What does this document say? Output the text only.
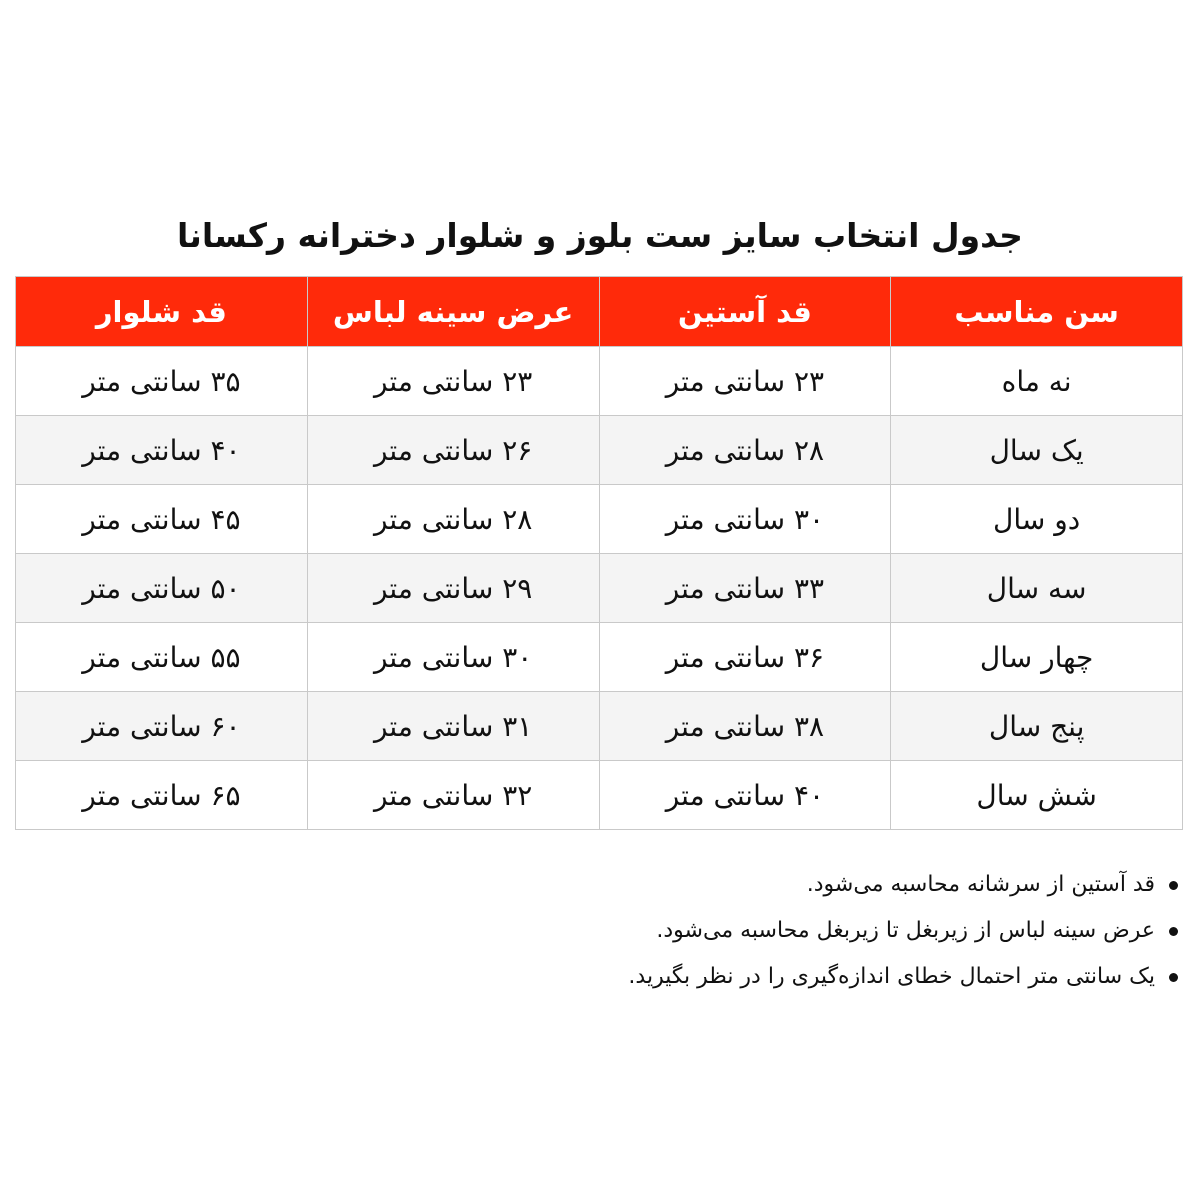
جدول انتخاب سایز ست بلوز و شلوار دخترانه رکسانا
سن مناسب	قد آستین	عرض سینه لباس	قد شلوار
نه ماه	۲۳ سانتی متر	۲۳ سانتی متر	۳۵ سانتی متر
یک سال	۲۸ سانتی متر	۲۶ سانتی متر	۴۰ سانتی متر
دو سال	۳۰ سانتی متر	۲۸ سانتی متر	۴۵ سانتی متر
سه سال	۳۳ سانتی متر	۲۹ سانتی متر	۵۰ سانتی متر
چهار سال	۳۶ سانتی متر	۳۰ سانتی متر	۵۵ سانتی متر
پنج سال	۳۸ سانتی متر	۳۱ سانتی متر	۶۰ سانتی متر
شش سال	۴۰ سانتی متر	۳۲ سانتی متر	۶۵ سانتی متر
قد آستین از سرشانه محاسبه می‌شود.
عرض سینه لباس از زیربغل تا زیربغل محاسبه می‌شود.
یک سانتی متر احتمال خطای اندازه‌گیری را در نظر بگیرید.
